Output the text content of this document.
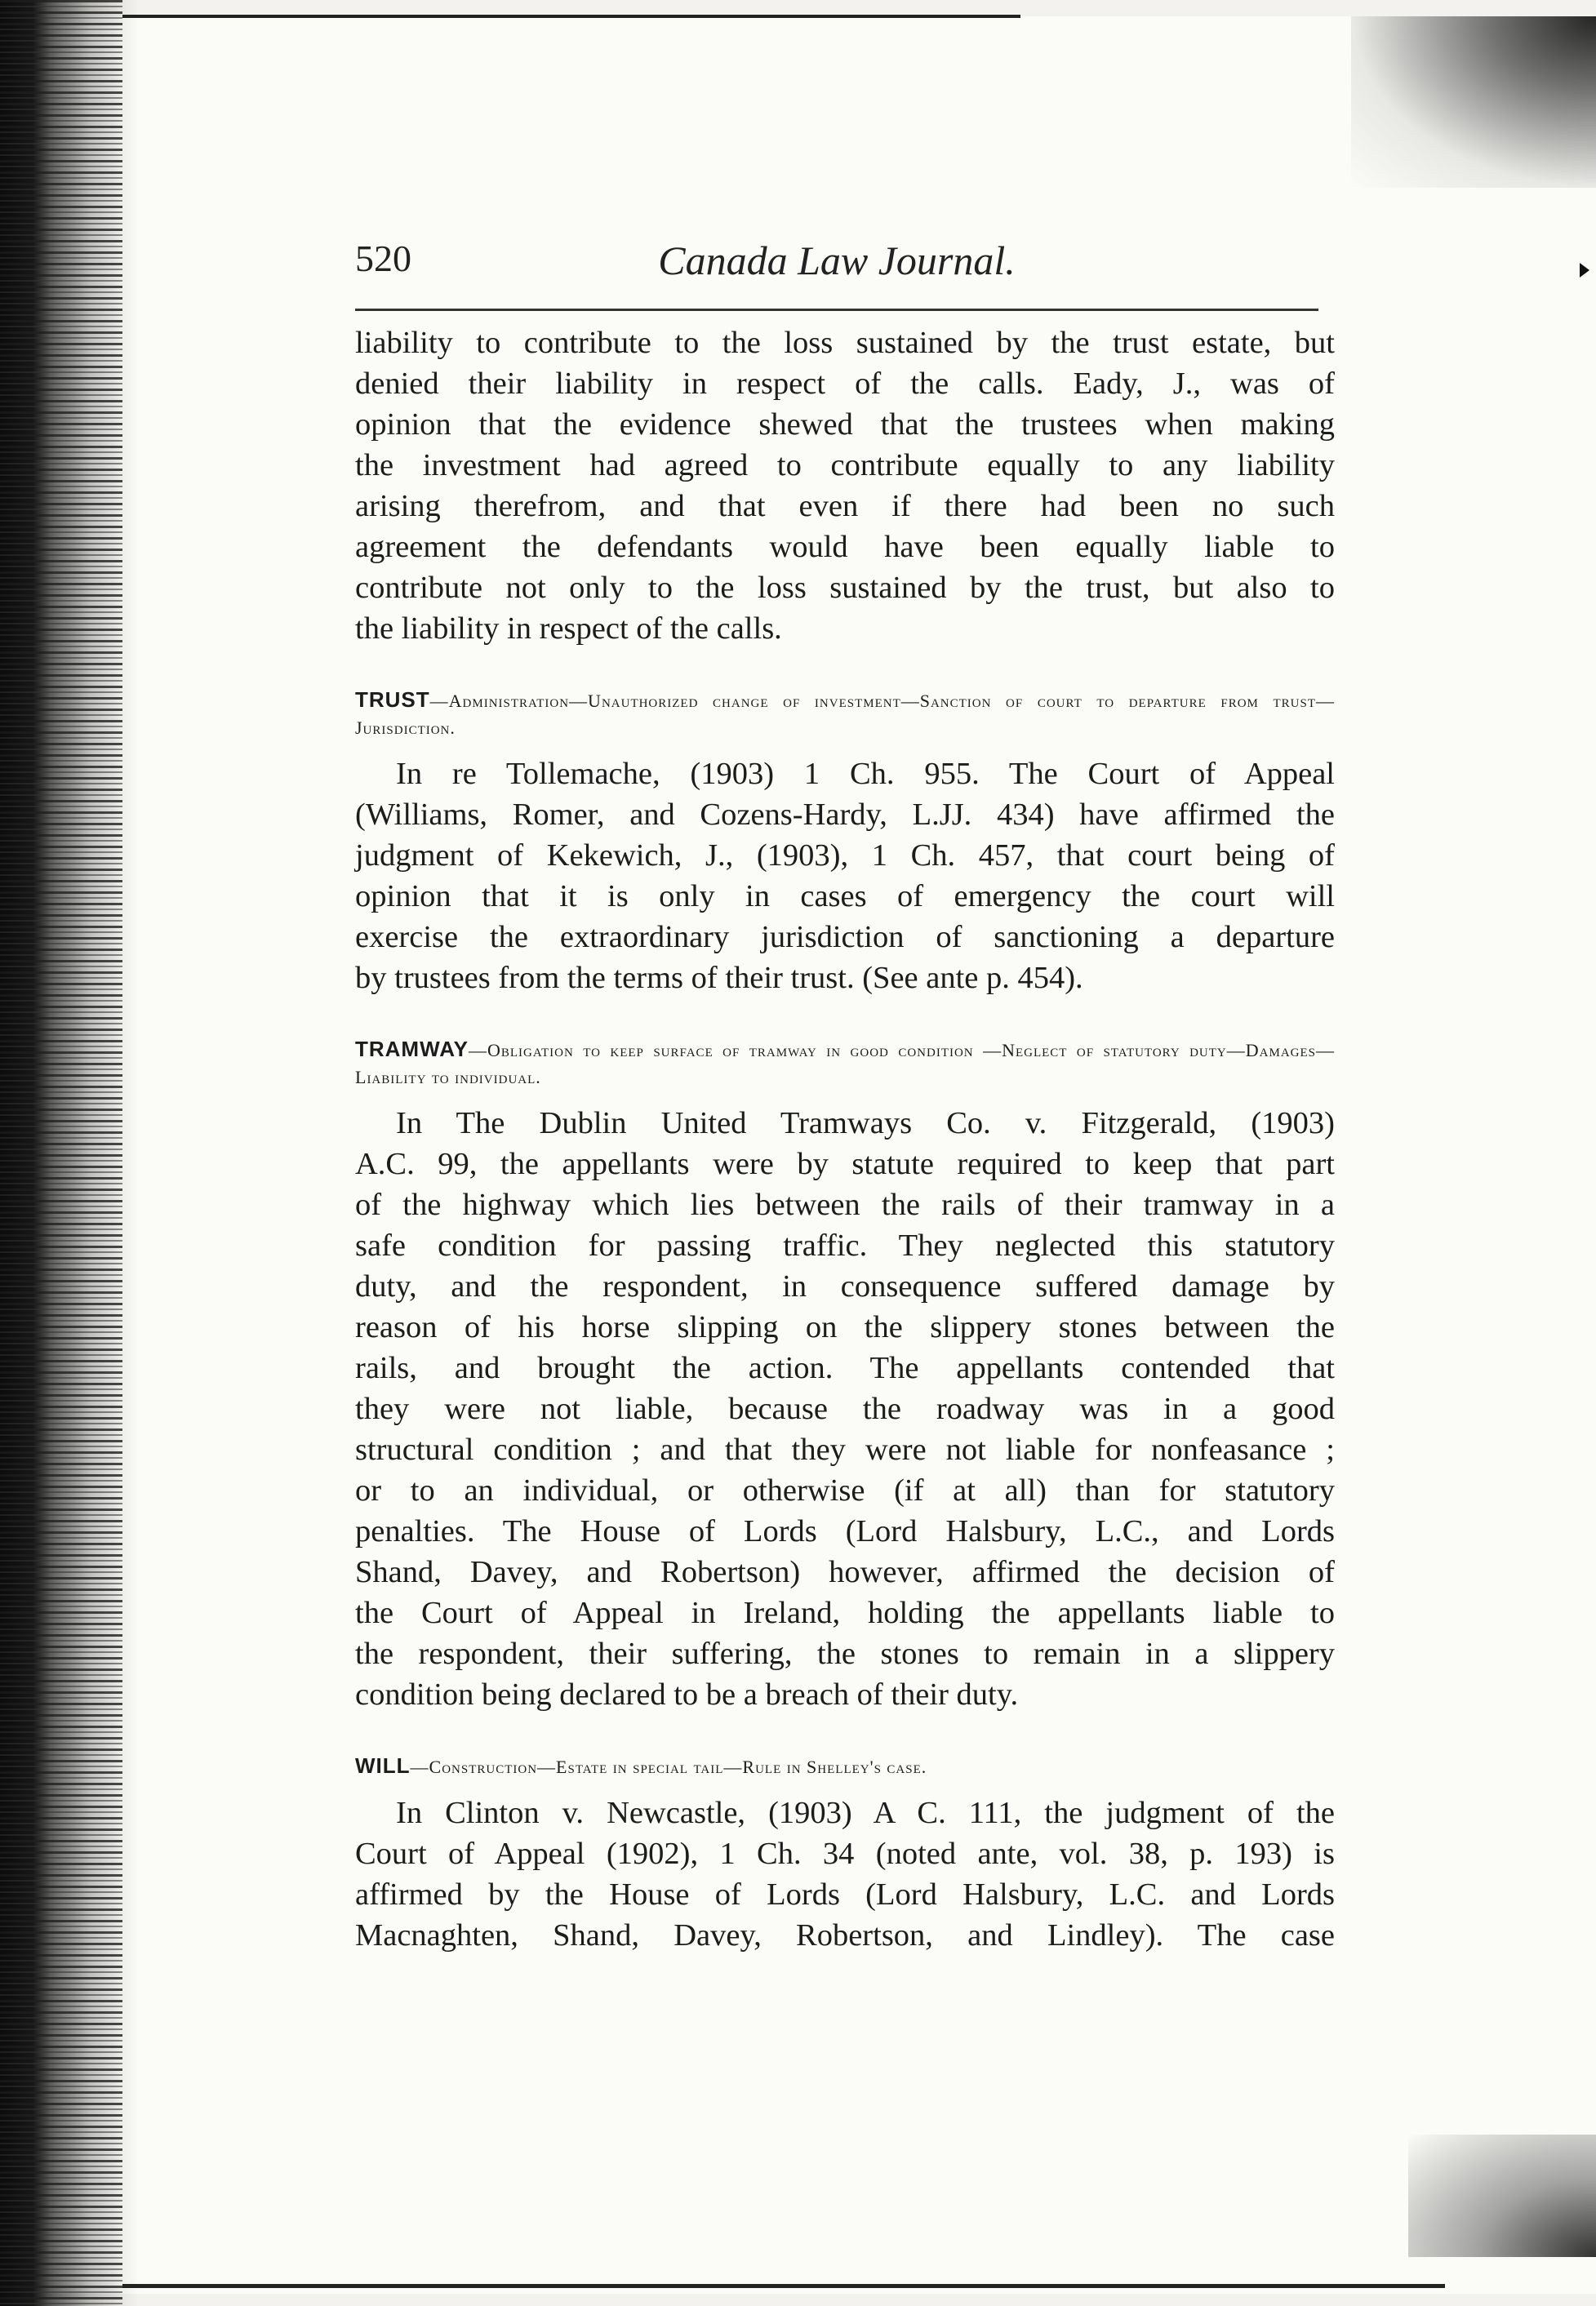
520	Canada Law Journal.

liability to contribute to the loss sustained by the trust estate, but

denied their liability in respect of the calls. Eady, J., was of

opinion that the evidence shewed that the trustees when making

the investment had agreed to contribute equally to any liability

arising therefrom, and that even if there had been no such

agreement the defendants would have been equally liable to

contribute not only to the loss sustained by the trust, but also to

the liability in respect of the calls.

TRUST—Administration—Unauthorized change of investment—Sanction of court to departure from trust—Jurisdiction.

In re Tollemache, (1903) 1 Ch. 955. The Court of Appeal

(Williams, Romer, and Cozens-Hardy, L.JJ. 434) have affirmed the

judgment of Kekewich, J., (1903), 1 Ch. 457, that court being of

opinion that it is only in cases of emergency the court will

exercise the extraordinary jurisdiction of sanctioning a departure

by trustees from the terms of their trust. (See ante p. 454).

TRAMWAY—Obligation to keep surface of tramway in good condition —Neglect of statutory duty—Damages—Liability to individual.

In The Dublin United Tramways Co. v. Fitzgerald, (1903)

A.C. 99, the appellants were by statute required to keep that part

of the highway which lies between the rails of their tramway in a

safe condition for passing traffic. They neglected this statutory

duty, and the respondent, in consequence suffered damage by

reason of his horse slipping on the slippery stones between the

rails, and brought the action. The appellants contended that

they were not liable, because the roadway was in a good

structural condition ; and that they were not liable for nonfeasance ;

or to an individual, or otherwise (if at all) than for statutory

penalties. The House of Lords (Lord Halsbury, L.C., and Lords

Shand, Davey, and Robertson) however, affirmed the decision of

the Court of Appeal in Ireland, holding the appellants liable to

the respondent, their suffering, the stones to remain in a slippery

condition being declared to be a breach of their duty.

WILL—Construction—Estate in special tail—Rule in Shelley's case.

In Clinton v. Newcastle, (1903) A C. 111, the judgment of the

Court of Appeal (1902), 1 Ch. 34 (noted ante, vol. 38, p. 193) is

affirmed by the House of Lords (Lord Halsbury, L.C. and Lords

Macnaghten, Shand, Davey, Robertson, and Lindley). The case
